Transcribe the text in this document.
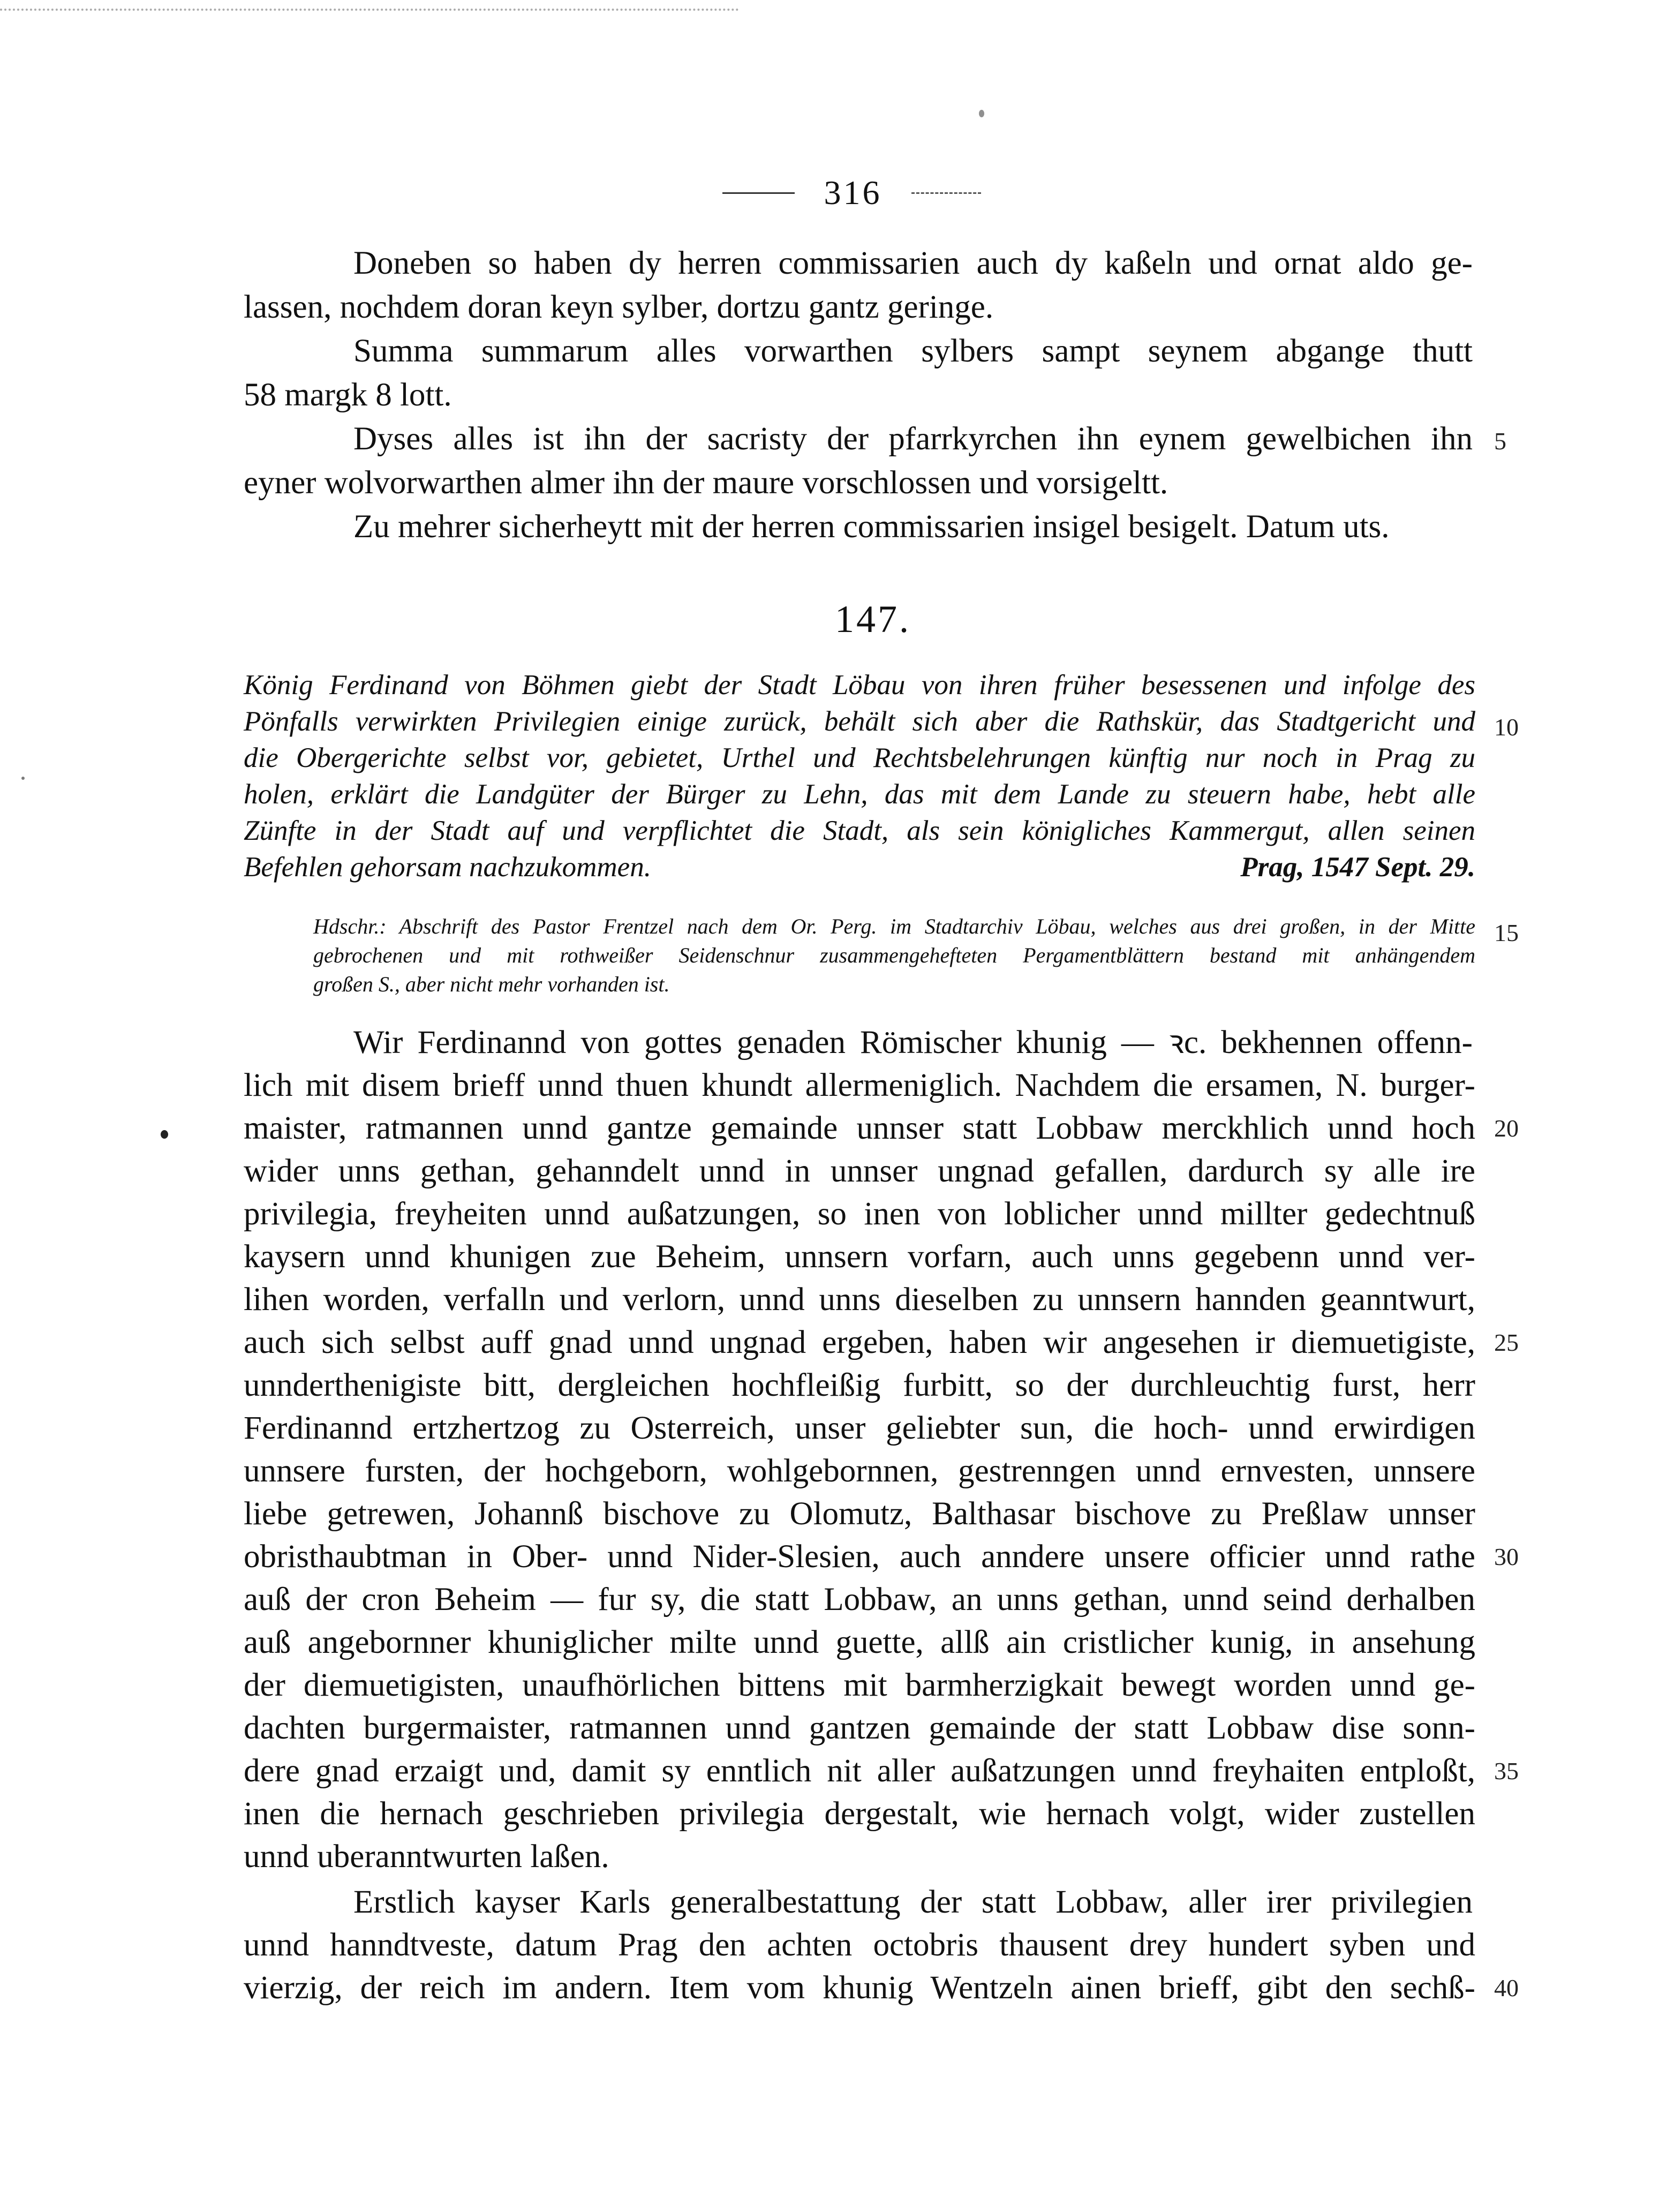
316
Doneben so haben dy herren commissarien auch dy kaßeln und ornat aldo ge-
lassen, nochdem doran keyn sylber, dortzu gantz geringe.
Summa summarum alles vorwarthen sylbers sampt seynem abgange thutt
58 margk 8 lott.
Dyses alles ist ihn der sacristy der pfarrkyrchen ihn eynem gewelbichen ihn
eyner wolvorwarthen almer ihn der maure vorschlossen und vorsigeltt.
Zu mehrer sicherheytt mit der herren commissarien insigel besigelt. Datum uts.
147.
König Ferdinand von Böhmen giebt der Stadt Löbau von ihren früher besessenen und infolge des
Pönfalls verwirkten Privilegien einige zurück, behält sich aber die Rathskür, das Stadtgericht und
die Obergerichte selbst vor, gebietet, Urthel und Rechtsbelehrungen künftig nur noch in Prag zu
holen, erklärt die Landgüter der Bürger zu Lehn, das mit dem Lande zu steuern habe, hebt alle
Zünfte in der Stadt auf und verpflichtet die Stadt, als sein königliches Kammergut, allen seinen
Befehlen gehorsam nachzukommen.	Prag, 1547 Sept. 29.
Hdschr.: Abschrift des Pastor Frentzel nach dem Or. Perg. im Stadtarchiv Löbau, welches aus drei großen, in der Mitte
gebrochenen und mit rothweißer Seidenschnur zusammengehefteten Pergamentblättern bestand mit anhängendem
großen S., aber nicht mehr vorhanden ist.
Wir Ferdinannd von gottes genaden Römischer khunig — ꝛc. bekhennen offenn-
lich mit disem brieff unnd thuen khundt allermeniglich. Nachdem die ersamen, N. burger-
maister, ratmannen unnd gantze gemainde unnser statt Lobbaw merckhlich unnd hoch
wider unns gethan, gehanndelt unnd in unnser ungnad gefallen, dardurch sy alle ire
privilegia, freyheiten unnd außatzungen, so inen von loblicher unnd millter gedechtnuß
kaysern unnd khunigen zue Beheim, unnsern vorfarn, auch unns gegebenn unnd ver-
lihen worden, verfalln und verlorn, unnd unns dieselben zu unnsern hannden geanntwurt,
auch sich selbst auff gnad unnd ungnad ergeben, haben wir angesehen ir diemuetigiste,
unnderthenigiste bitt, dergleichen hochfleißig furbitt, so der durchleuchtig furst, herr
Ferdinannd ertzhertzog zu Osterreich, unser geliebter sun, die hoch- unnd erwirdigen
unnsere fursten, der hochgeborn, wohlgebornnen, gestrenngen unnd ernvesten, unnsere
liebe getrewen, Johannß bischove zu Olomutz, Balthasar bischove zu Preßlaw unnser
obristhaubtman in Ober- unnd Nider-Slesien, auch anndere unsere officier unnd rathe
auß der cron Beheim — fur sy, die statt Lobbaw, an unns gethan, unnd seind derhalben
auß angebornner khuniglicher milte unnd guette, allß ain cristlicher kunig, in ansehung
der diemuetigisten, unaufhörlichen bittens mit barmherzigkait bewegt worden unnd ge-
dachten burgermaister, ratmannen unnd gantzen gemainde der statt Lobbaw dise sonn-
dere gnad erzaigt und, damit sy enntlich nit aller außatzungen unnd freyhaiten entploßt,
inen die hernach geschrieben privilegia dergestalt, wie hernach volgt, wider zustellen
unnd uberanntwurten laßen.
Erstlich kayser Karls generalbestattung der statt Lobbaw, aller irer privilegien
unnd hanndtveste, datum Prag den achten octobris thausent drey hundert syben und
vierzig, der reich im andern. Item vom khunig Wentzeln ainen brieff, gibt den sechß-
5
10
15
20
25
30
35
40
